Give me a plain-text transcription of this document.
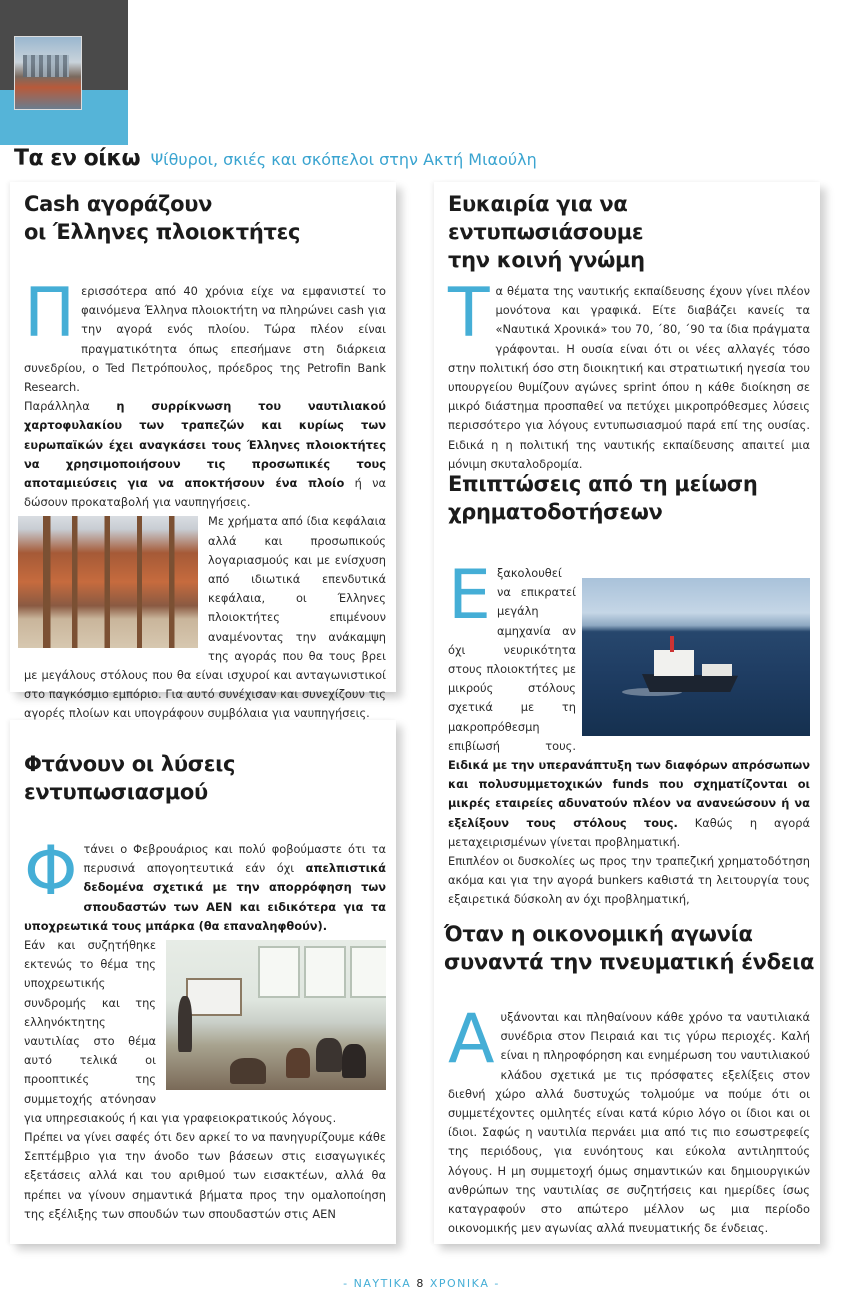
Τα εν οίκω Ψίθυροι, σκιές και σκόπελοι στην Ακτή Μιαούλη
Cash αγοράζουν
οι Έλληνες πλοιοκτήτες

Περισσότερα από 40 χρόνια είχε να εμφανιστεί το φαινόμενα Έλληνα πλοιοκτήτη να πληρώνει cash για την αγορά ενός πλοίου. Τώρα πλέον είναι πραγματικότητα όπως επεσήμανε στη διάρκεια συνεδρίου, ο Ted Πετρόπουλος, πρόεδρος της Petrofin Bank Research.

Παράλληλα η συρρίκνωση του ναυτιλιακού χαρτοφυλακίου των τραπεζών και κυρίως των ευρωπαϊκών έχει αναγκάσει τους Έλληνες πλοιοκτήτες να χρησιμοποιήσουν τις προσωπικές τους αποταμιεύσεις για να αποκτήσουν ένα πλοίο ή να δώσουν προκαταβολή για ναυπηγήσεις.

Με χρήματα από ίδια κεφάλαια αλλά και προσωπικούς λογαριασμούς και με ενίσχυση από ιδιωτικά επενδυτικά κεφάλαια, οι Έλληνες πλοιοκτήτες επιμένουν αναμένοντας την ανάκαμψη της αγοράς που θα τους βρει με μεγάλους στόλους που θα είναι ισχυροί και ανταγωνιστικοί στο παγκόσμιο εμπόριο. Για αυτό συνέχισαν και συνεχίζουν τις αγορές πλοίων και υπογράφουν συμβόλαια για ναυπηγήσεις.

Φτάνουν οι λύσεις
εντυπωσιασμού

Φτάνει ο Φεβρουάριος και πολύ φοβούμαστε ότι τα περυσινά απογοητευτικά εάν όχι απελπιστικά δεδομένα σχετικά με την απορρόφηση των σπουδαστών των ΑΕΝ και ειδικότερα για τα υποχρεωτικά τους μπάρκα (θα επαναληφθούν).

Εάν και συζητήθηκε εκτενώς το θέμα της υποχρεωτικής συνδρομής και της ελληνόκτητης ναυτιλίας στο θέμα αυτό τελικά οι προοπτικές της συμμετοχής ατόνησαν για υπηρεσιακούς ή και για γραφειοκρατικούς λόγους.

Πρέπει να γίνει σαφές ότι δεν αρκεί το να πανηγυρίζουμε κάθε Σεπτέμβριο για την άνοδο των βάσεων στις εισαγωγικές εξετάσεις αλλά και του αριθμού των εισακτέων, αλλά θα πρέπει να γίνουν σημαντικά βήματα προς την ομαλοποίηση της εξέλιξης των σπουδών των σπουδαστών στις ΑΕΝ

Ευκαιρία για να εντυπωσιάσουμε
την κοινή γνώμη

Τα θέματα της ναυτικής εκπαίδευσης έχουν γίνει πλέον μονότονα και γραφικά. Είτε διαβάζει κανείς τα «Ναυτικά Χρονικά» του 70, ΄80, ΄90 τα ίδια πράγματα γράφονται. Η ουσία είναι ότι οι νέες αλλαγές τόσο στην πολιτική όσο στη διοικητική και στρατιωτική ηγεσία του υπουργείου θυμίζουν αγώνες sprint όπου η κάθε διοίκηση σε μικρό διάστημα προσπαθεί να πετύχει μικροπρόθεσμες λύσεις περισσότερο για λόγους εντυπωσιασμού παρά επί της ουσίας. Ειδικά η η πολιτική της ναυτικής εκπαίδευσης απαιτεί μια μόνιμη σκυταλοδρομία.

Επιπτώσεις από τη μείωση
χρηματοδοτήσεων

Ε ξακολουθεί να επικρατεί μεγάλη αμηχανία αν όχι νευρικότητα στους πλοιοκτήτες με μικρούς στόλους σχετικά με τη μακροπρόθεσμη επιβίωσή τους. Ειδικά με την υπερανάπτυξη των διαφόρων απρόσωπων και πολυσυμμετοχικών funds που σχηματίζονται οι μικρές εταιρείες αδυνατούν πλέον να ανανεώσουν ή να εξελίξουν τους στόλους τους. Καθώς η αγορά μεταχειρισμένων γίνεται προβληματική.

Επιπλέον οι δυσκολίες ως προς την τραπεζική χρηματοδότηση ακόμα και για την αγορά bunkers καθιστά τη λειτουργία τους εξαιρετικά δύσκολη αν όχι προβληματική,

Όταν η οικονομική αγωνία
συναντά την πνευματική ένδεια

Αυξάνονται και πληθαίνουν κάθε χρόνο τα ναυτιλιακά συνέδρια στον Πειραιά και τις γύρω περιοχές. Καλή είναι η πληροφόρηση και ενημέρωση του ναυτιλιακού κλάδου σχετικά με τις πρόσφατες εξελίξεις στον διεθνή χώρο αλλά δυστυχώς τολμούμε να πούμε ότι οι συμμετέχοντες ομιλητές είναι κατά κύριο λόγο οι ίδιοι και οι ίδιοι. Σαφώς η ναυτιλία περνάει μια από τις πιο εσωστρεφείς της περιόδους, για ευνόητους και εύκολα αντιληπτούς λόγους. Η μη συμμετοχή όμως σημαντικών και δημιουργικών ανθρώπων της ναυτιλίας σε συζητήσεις και ημερίδες ίσως καταγραφούν στο απώτερο μέλλον ως μια περίοδο οικονομικής μεν αγωνίας αλλά πνευματικής δε ένδειας.

- ΝΑΥΤΙΚΑ 8 ΧΡΟΝΙΚΑ -
